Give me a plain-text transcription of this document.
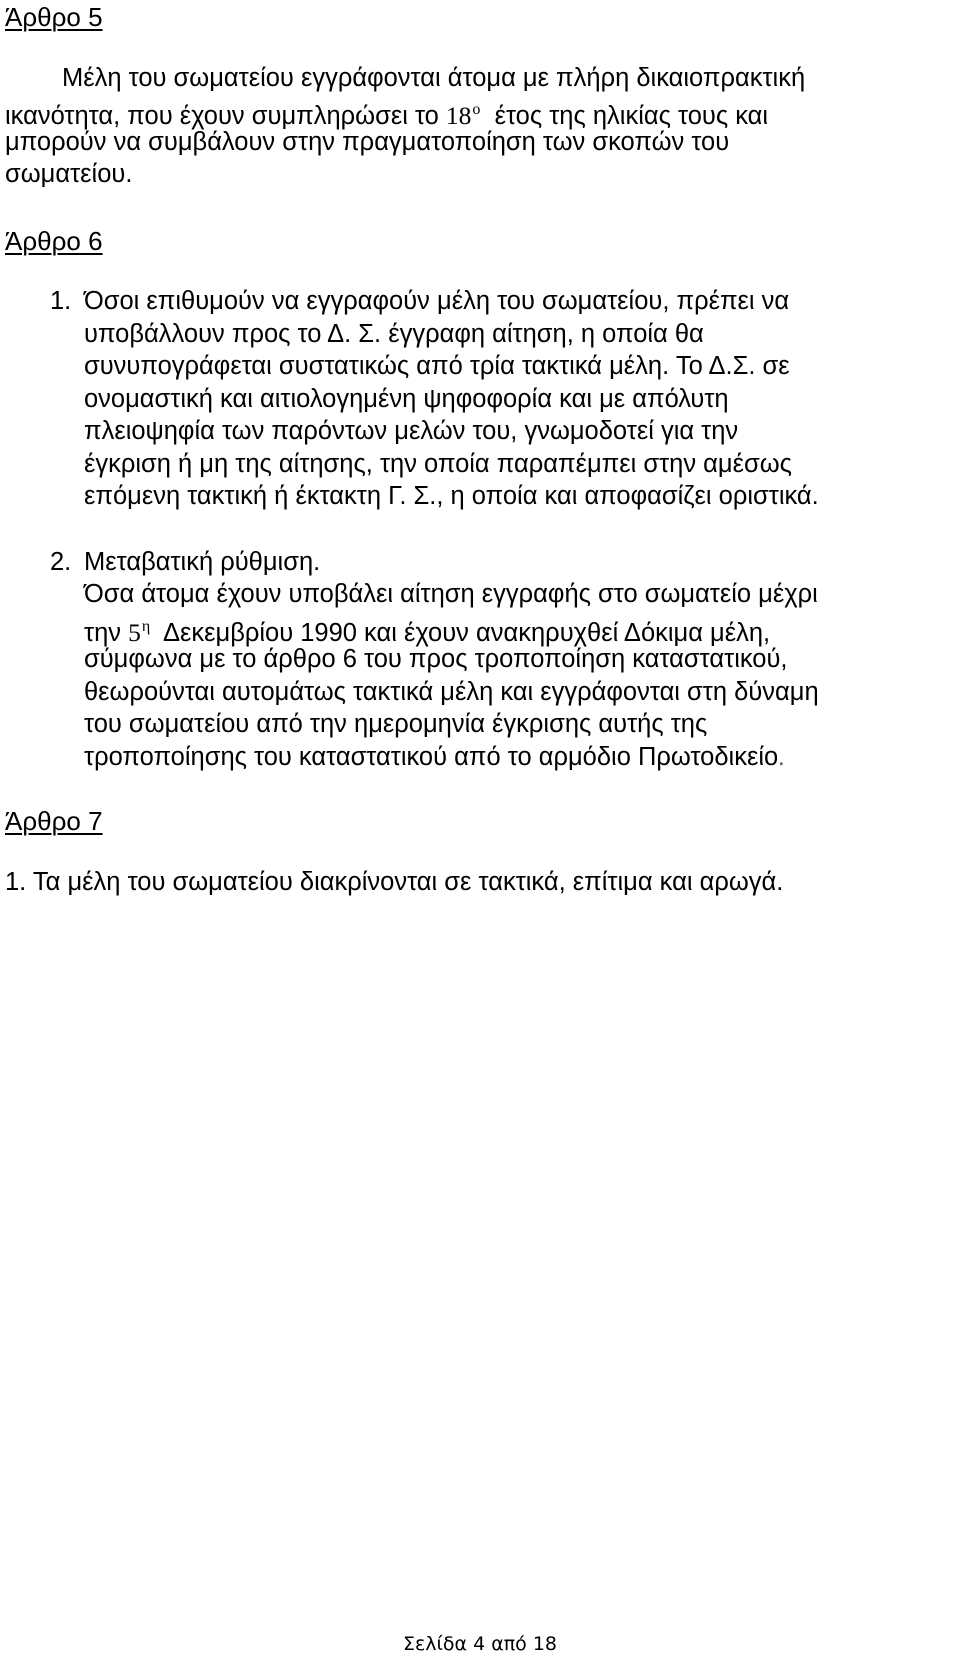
Άρθρο 5

Μέλη του σωματείου εγγράφονται άτομα με πλήρη δικαιοπρακτική

ικανότητα, που έχουν συμπληρώσει το $18^o$  έτος της ηλικίας τους και

μπορούν να συμβάλουν στην πραγματοποίηση των σκοπών του

σωματείου.

Άρθρο 6

1. Όσοι επιθυμούν να εγγραφούν μέλη του σωματείου, πρέπει να

υποβάλλουν προς το Δ. Σ. έγγραφη αίτηση, η οποία θα

συνυπογράφεται συστατικώς από τρία τακτικά μέλη. Το Δ.Σ. σε

ονομαστική και αιτιολογημένη ψηφοφορία και με απόλυτη

πλειοψηφία των παρόντων μελών του, γνωμοδοτεί για την

έγκριση ή μη της αίτησης, την οποία παραπέμπει στην αμέσως

επόμενη τακτική ή έκτακτη Γ. Σ., η οποία και αποφασίζει οριστικά.

2. Μεταβατική ρύθμιση.

Όσα άτομα έχουν υποβάλει αίτηση εγγραφής στο σωματείο μέχρι

την $5^\eta$  Δεκεμβρίου 1990 και έχουν ανακηρυχθεί Δόκιμα μέλη,

σύμφωνα με το άρθρο 6 του προς τροποποίηση καταστατικού,

θεωρούνται αυτομάτως τακτικά μέλη και εγγράφονται στη δύναμη

του σωματείου από την ημερομηνία έγκρισης αυτής της

τροποποίησης του καταστατικού από το αρμόδιο Πρωτοδικείο.

Άρθρο 7

1. Τα μέλη του σωματείου διακρίνονται σε τακτικά, επίτιμα και αρωγά.

Σελίδα 4 από 18
